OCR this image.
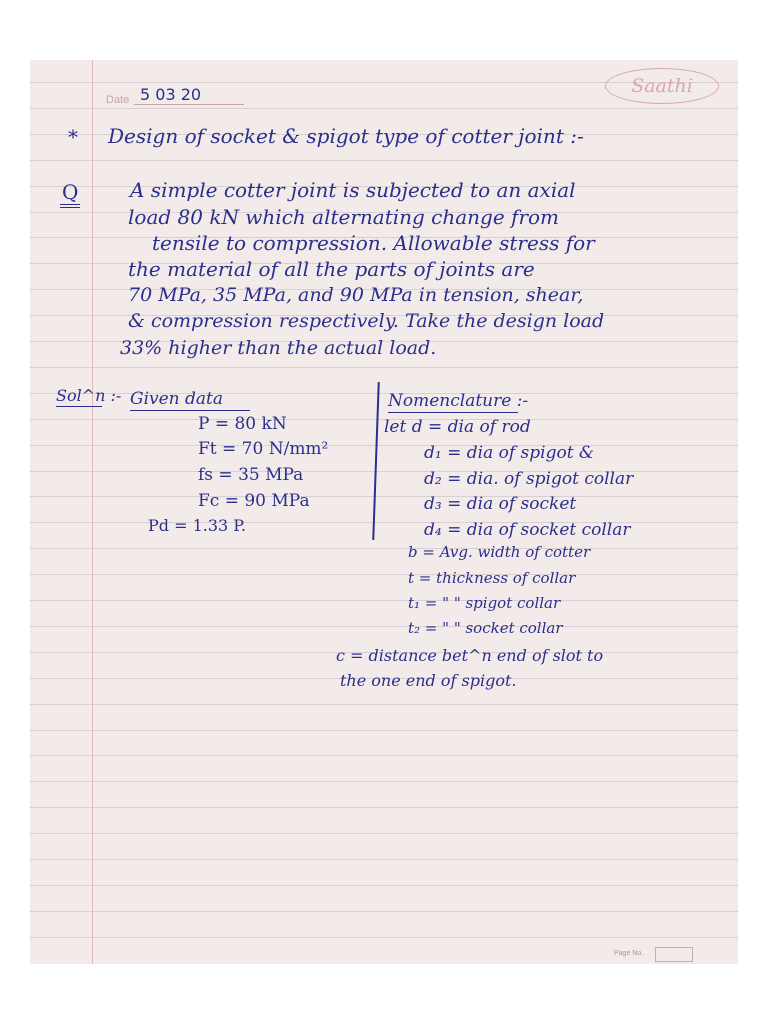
Date 5 03 20	Saathi
* Design of socket & spigot type of cotter joint :-
Q	A simple cotter joint is subjected to an axial
load 80 kN which alternating change from
tensile to compression. Allowable stress for
the material of all the parts of joints are
70 MPa, 35 MPa, and 90 MPa in tension, shear,
& compression respectively. Take the design load
33% higher than the actual load.
Sol^n :- Given data
P = 80 kN
Ft = 70 N/mm²
fs = 35 MPa
Fc = 90 MPa
Pd = 1.33 P.
Nomenclature :-
let d = dia of rod
d₁ = dia of spigot &
d₂ = dia. of spigot collar
d₃ = dia of socket
d₄ = dia of socket collar
b = Avg. width of cotter
t = thickness of collar
t₁ = " " spigot collar
t₂ = " " socket collar
c = distance bet^n end of slot to
the one end of spigot.
Page No.
